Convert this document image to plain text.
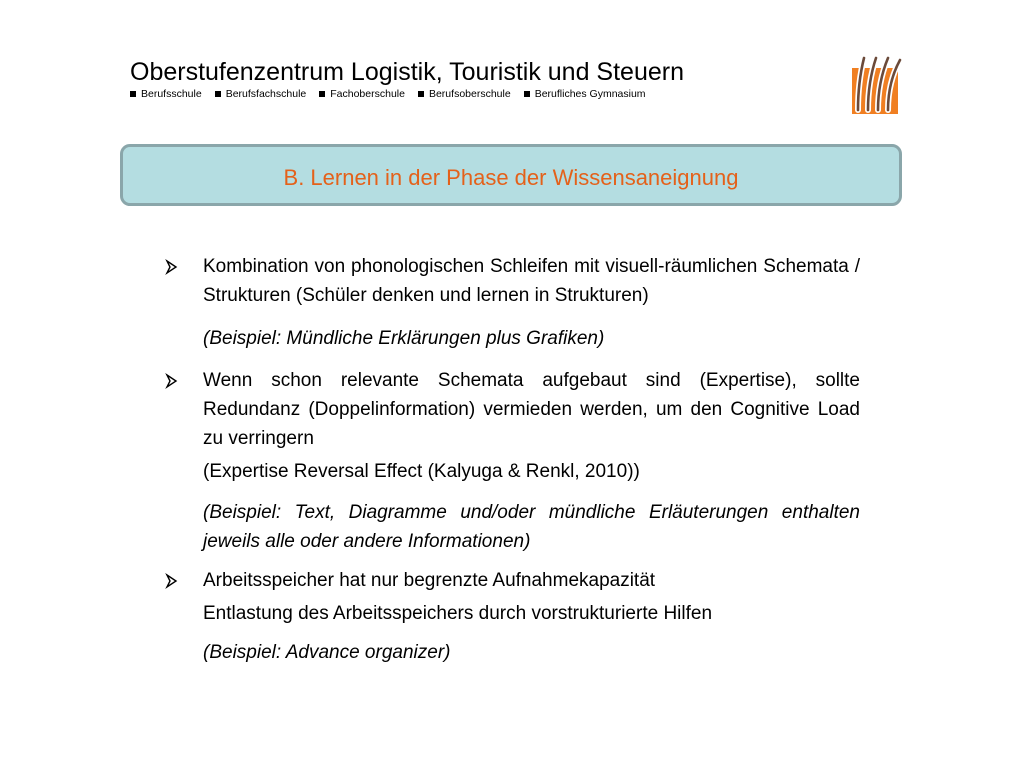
Oberstufenzentrum Logistik, Touristik und Steuern
Berufsschule Berufsfachschule Fachoberschule Berufsoberschule Berufliches Gymnasium
B. Lernen in der Phase der Wissensaneignung
Kombination von phonologischen Schleifen mit visuell-räumlichen Schemata / Strukturen (Schüler denken und lernen in Strukturen)
(Beispiel: Mündliche Erklärungen plus Grafiken)
Wenn schon relevante Schemata aufgebaut sind (Expertise), sollte Redundanz (Doppelinformation) vermieden werden, um den Cognitive Load zu verringern
(Expertise Reversal Effect (Kalyuga & Renkl, 2010))
(Beispiel: Text, Diagramme und/oder mündliche Erläuterungen enthalten jeweils alle oder andere Informationen)
Arbeitsspeicher hat nur begrenzte Aufnahmekapazität
Entlastung des Arbeitsspeichers durch vorstrukturierte Hilfen
(Beispiel: Advance organizer)
